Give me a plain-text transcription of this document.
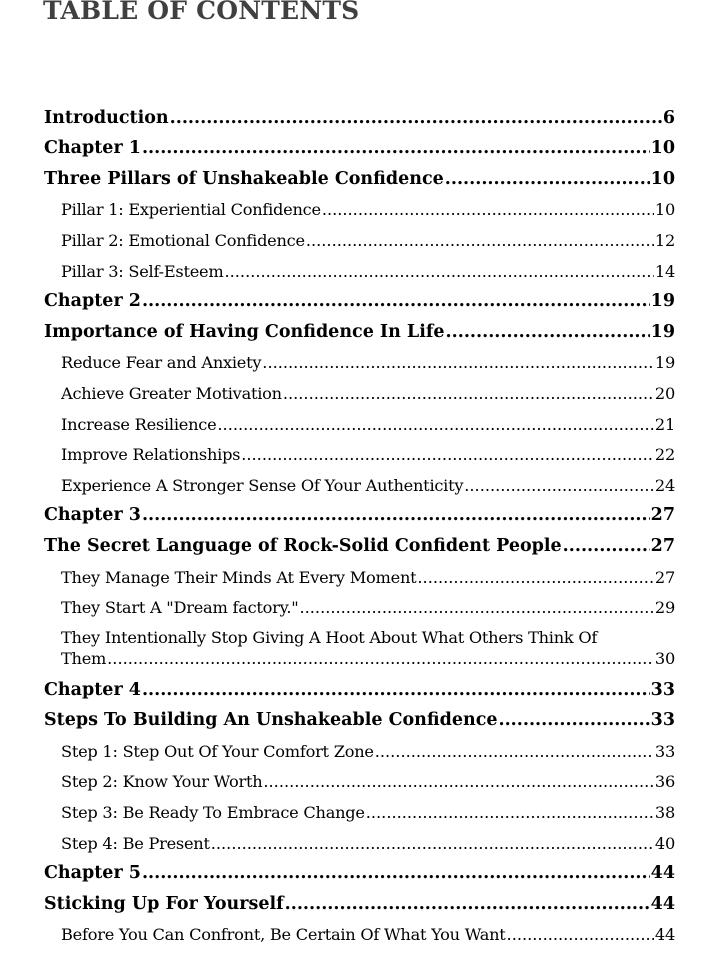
TABLE OF CONTENTS
Introduction .....	6
Chapter 1 .....	10
Three Pillars of Unshakeable Confidence .....	10
Pillar 1: Experiential Confidence .....	10
Pillar 2: Emotional Confidence .....	12
Pillar 3: Self-Esteem .....	14
Chapter 2 .....	19
Importance of Having Confidence In Life .....	19
Reduce Fear and Anxiety .....	19
Achieve Greater Motivation .....	20
Increase Resilience .....	21
Improve Relationships .....	22
Experience A Stronger Sense Of Your Authenticity .....	24
Chapter 3 .....	27
The Secret Language of Rock-Solid Confident People .....	27
They Manage Their Minds At Every Moment .....	27
They Start A "Dream factory." .....	29
They Intentionally Stop Giving A Hoot About What Others Think Of
Them .....	30
Chapter 4 .....	33
Steps To Building An Unshakeable Confidence .....	33
Step 1: Step Out Of Your Comfort Zone .....	33
Step 2: Know Your Worth .....	36
Step 3: Be Ready To Embrace Change .....	38
Step 4: Be Present .....	40
Chapter 5 .....	44
Sticking Up For Yourself .....	44
Before You Can Confront, Be Certain Of What You Want .....	44
